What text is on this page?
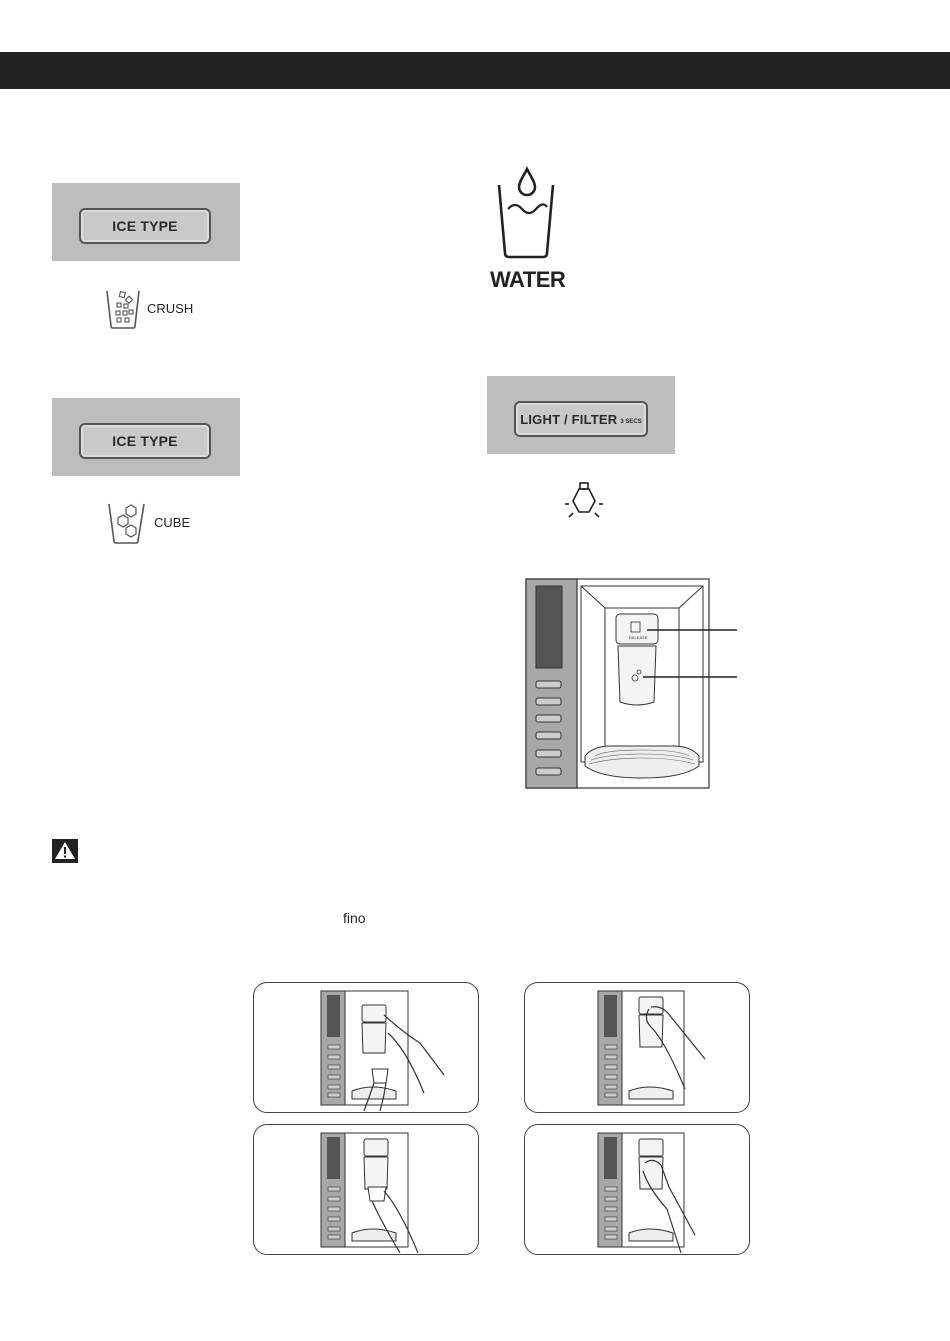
ICE TYPE
CRUSH
ICE TYPE
CUBE
WATER
LIGHT / FILTER 3 SECS
RELEASE
fino
